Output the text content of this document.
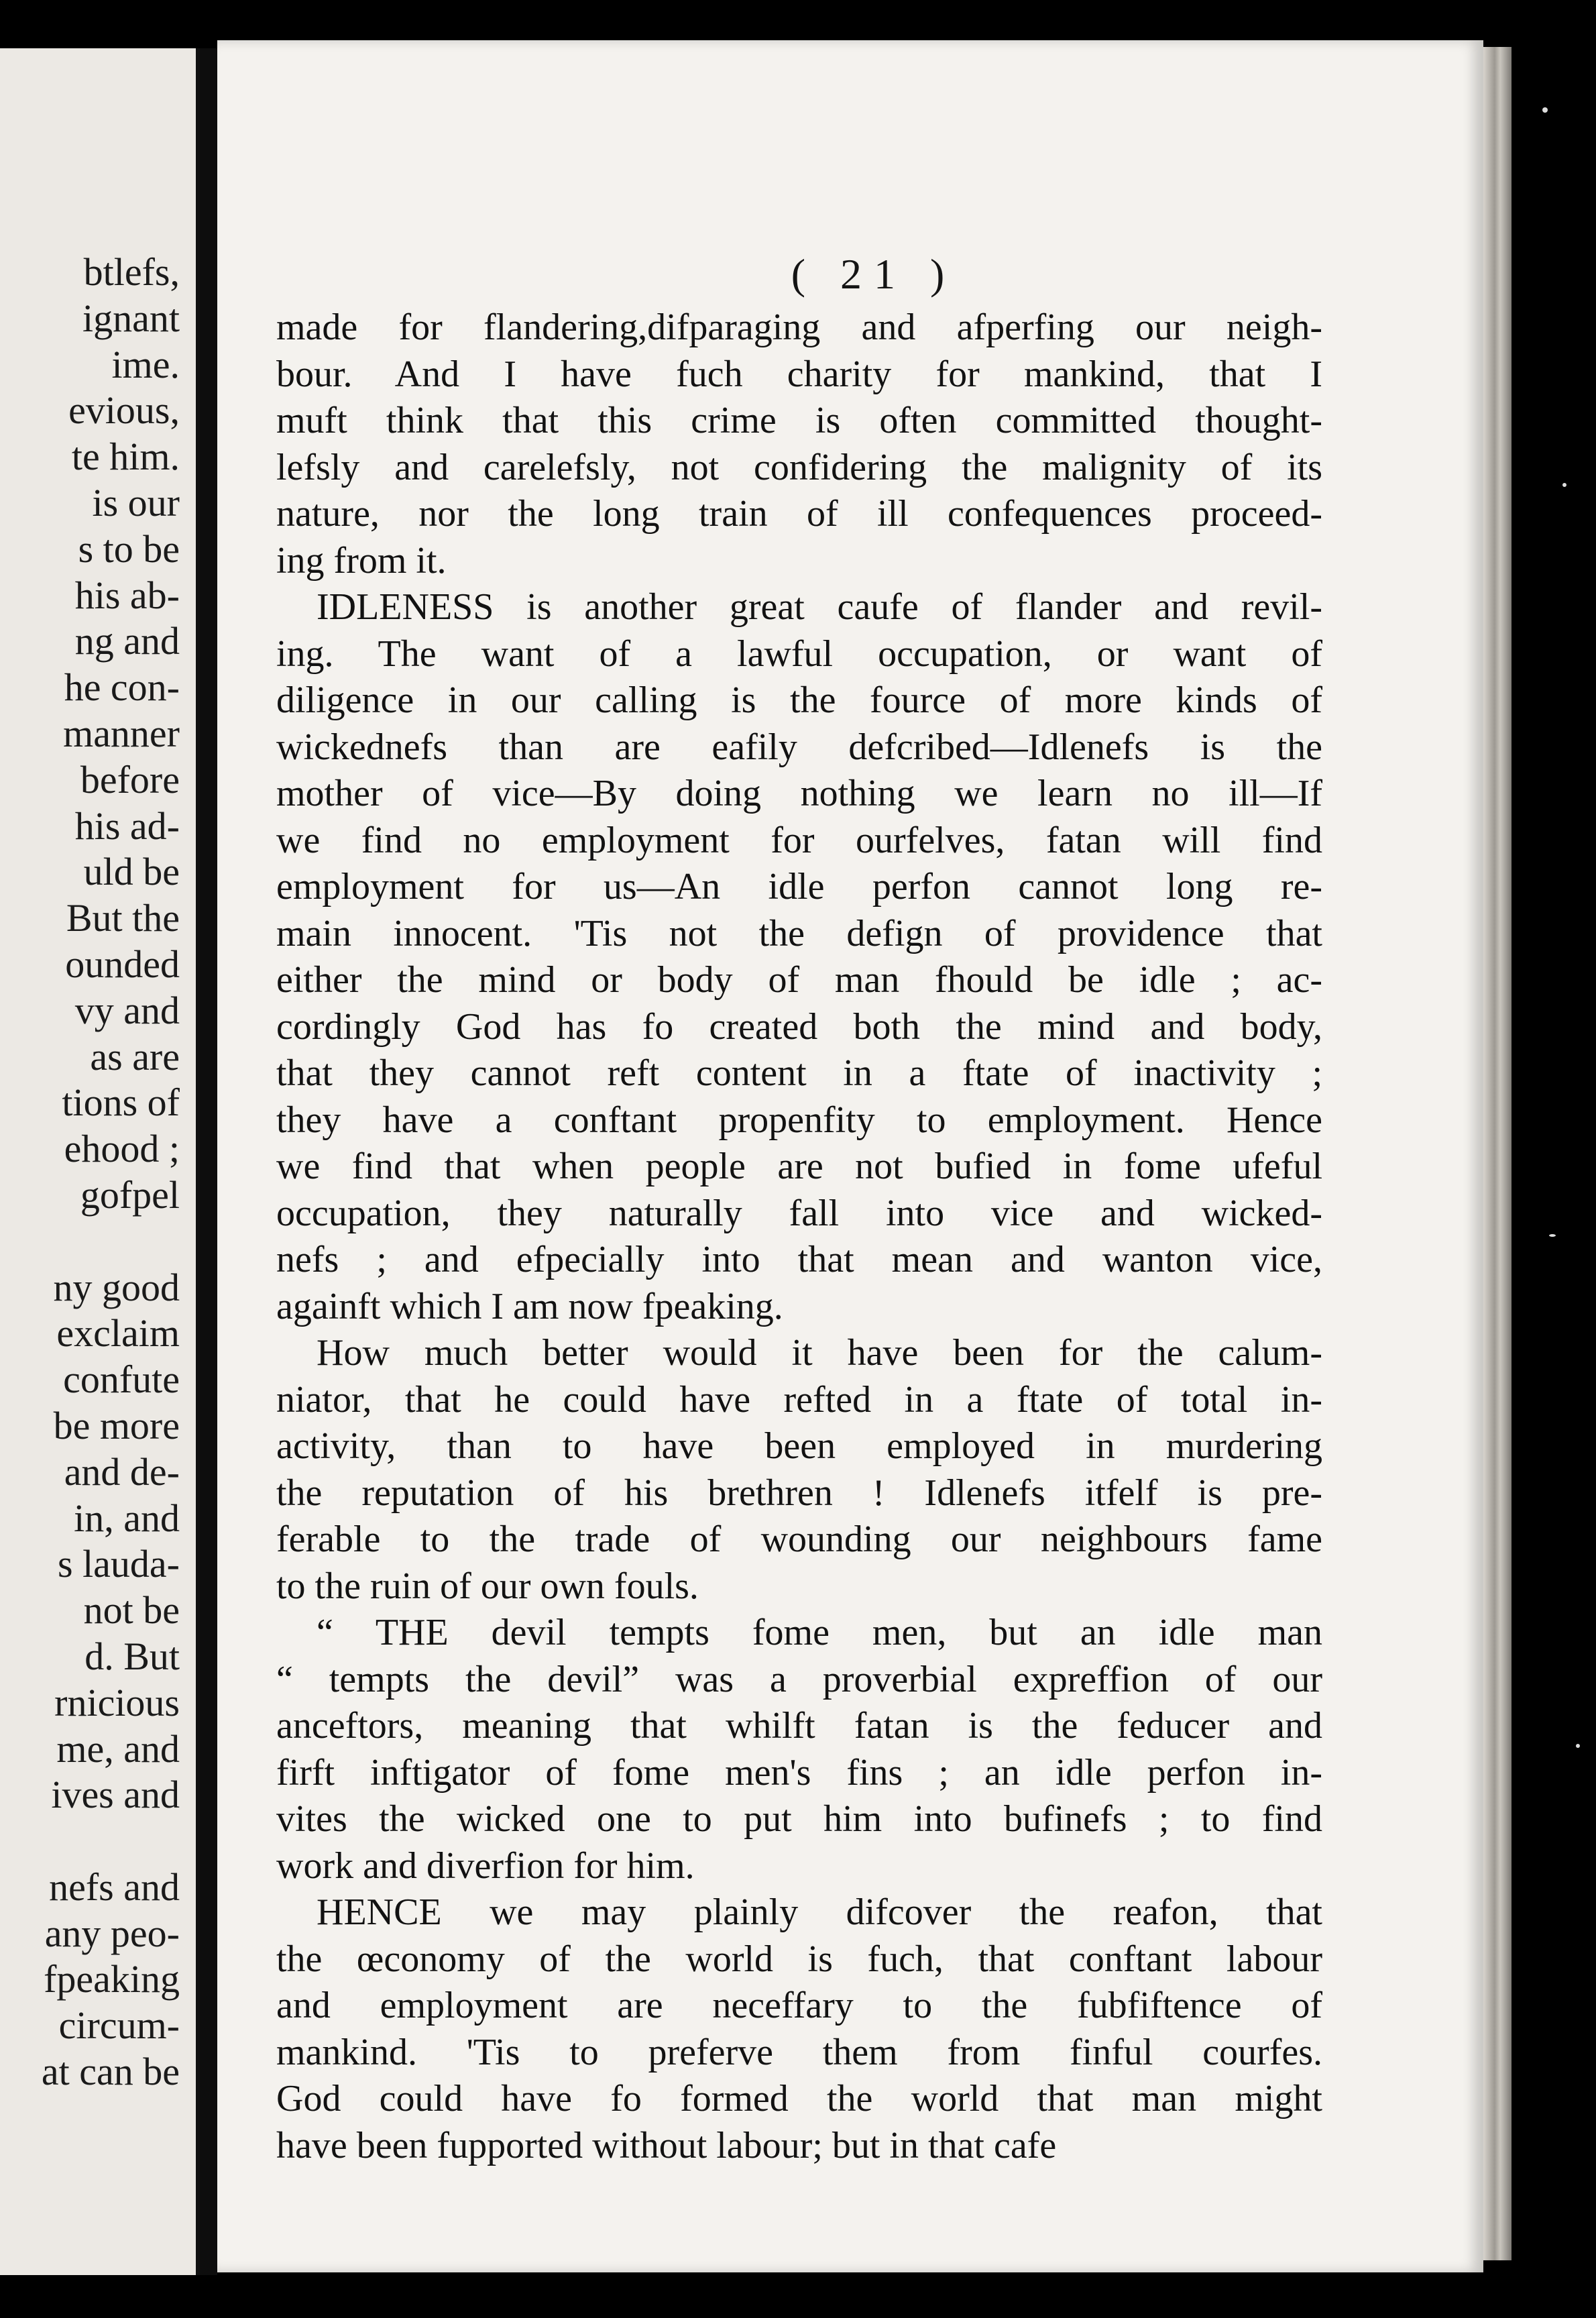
btlefs,
ignant
ime.
evious,
te him.
is our
s to be
his ab-
ng and
he con-
manner
before
his ad-
uld be
But the
ounded
vy and
as are
tions of
ehood ;
gofpel

ny good
exclaim
confute
be more
and de-
in, and
s lauda-
not be
d. But
rnicious
me, and
ives and

nefs and
any peo-
fpeaking
circum-
at can be
( 21 )
made for flandering,difparaging and afperfing our neigh-
bour. And I have fuch charity for mankind, that I
muft think that this crime is often committed thought-
lefsly and carelefsly, not confidering the malignity of its
nature, nor the long train of ill confequences proceed-
ing from it.
IDLENESS is another great caufe of flander and revil-
ing. The want of a lawful occupation, or want of
diligence in our calling is the fource of more kinds of
wickednefs than are eafily defcribed—Idlenefs is the
mother of vice—By doing nothing we learn no ill—If
we find no employment for ourfelves, fatan will find
employment for us—An idle perfon cannot long re-
main innocent. 'Tis not the defign of providence that
either the mind or body of man fhould be idle ; ac-
cordingly God has fo created both the mind and body,
that they cannot reft content in a ftate of inactivity ;
they have a conftant propenfity to employment. Hence
we find that when people are not bufied in fome ufeful
occupation, they naturally fall into vice and wicked-
nefs ; and efpecially into that mean and wanton vice,
againft which I am now fpeaking.
How much better would it have been for the calum-
niator, that he could have refted in a ftate of total in-
activity, than to have been employed in murdering
the reputation of his brethren ! Idlenefs itfelf is pre-
ferable to the trade of wounding our neighbours fame
to the ruin of our own fouls.
“ THE devil tempts fome men, but an idle man
“ tempts the devil” was a proverbial expreffion of our
anceftors, meaning that whilft fatan is the feducer and
firft inftigator of fome men's fins ; an idle perfon in-
vites the wicked one to put him into bufinefs ; to find
work and diverfion for him.
HENCE we may plainly difcover the reafon, that
the œconomy of the world is fuch, that conftant labour
and employment are neceffary to the fubfiftence of
mankind. 'Tis to preferve them from finful courfes.
God could have fo formed the world that man might
have been fupported without labour; but in that cafe
